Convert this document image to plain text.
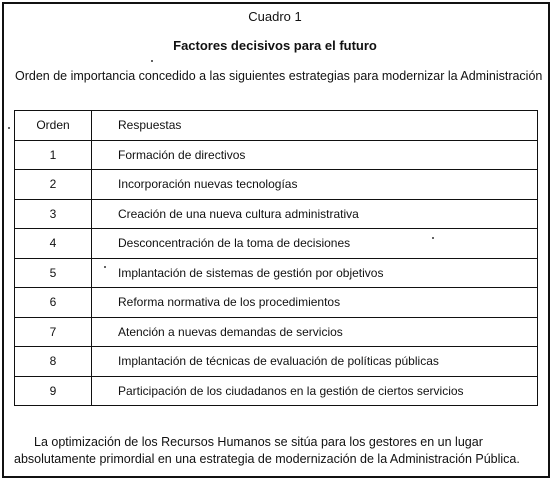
Cuadro 1
Factores decisivos para el futuro
Orden de importancia concedido a las siguientes estrategias para modernizar la Administración
Orden	Respuestas
1	Formación de directivos
2	Incorporación nuevas tecnologías
3	Creación de una nueva cultura administrativa
4	Desconcentración de la toma de decisiones
5	Implantación de sistemas de gestión por objetivos
6	Reforma normativa de los procedimientos
7	Atención a nuevas demandas de servicios
8	Implantación de técnicas de evaluación de políticas públicas
9	Participación de los ciudadanos en la gestión de ciertos servicios
La optimización de los Recursos Humanos se sitúa para los gestores en un lugar absolutamente primordial en una estrategia de modernización de la Administración Pública.
